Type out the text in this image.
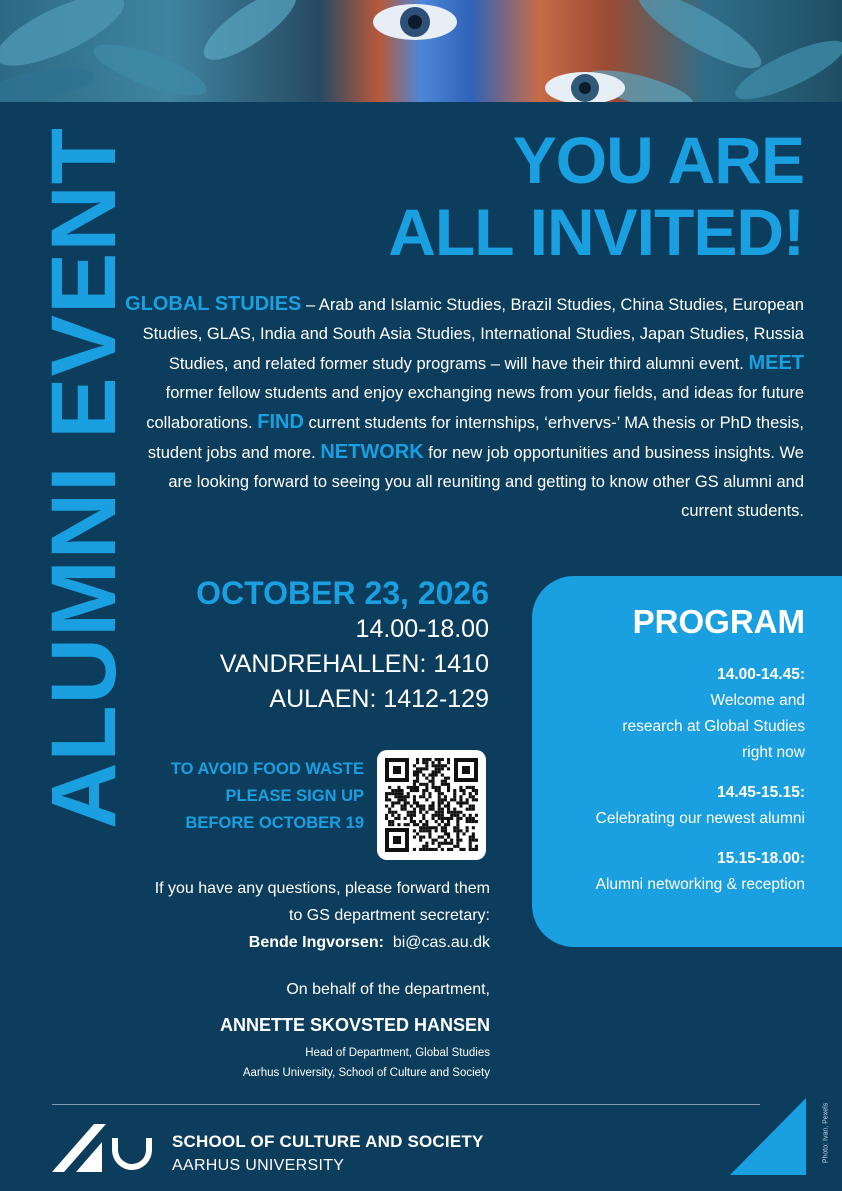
ALUMNI EVENT	YOU ARE
ALL INVITED!
GLOBAL STUDIES – Arab and Islamic Studies, Brazil Studies, China Studies, European Studies, GLAS, India and South Asia Studies, International Studies, Japan Studies, Russia Studies, and related former study programs – will have their third alumni event. MEET former fellow students and enjoy exchanging news from your fields, and ideas for future collaborations. FIND current students for internships, ‘erhvervs-’ MA thesis or PhD thesis, student jobs and more. NETWORK for new job opportunities and business insights. We are looking forward to seeing you all reuniting and getting to know other GS alumni and current students.
OCTOBER 23, 2026
14.00-18.00
VANDREHALLEN: 1410
AULAEN: 1412-129
TO AVOID FOOD WASTE
PLEASE SIGN UP
BEFORE OCTOBER 19
If you have any questions, please forward them
to GS department secretary:
Bende Ingvorsen: bi@cas.au.dk
On behalf of the department,
ANNETTE SKOVSTED HANSEN
Head of Department, Global Studies
Aarhus University, School of Culture and Society
PROGRAM
14.00-14.45:
Welcome and
research at Global Studies
right now
14.45-15.15:
Celebrating our newest alumni
15.15-18.00:
Alumni networking & reception
SCHOOL OF CULTURE AND SOCIETY
AARHUS UNIVERSITY
Photo: Ivan, Pexels
